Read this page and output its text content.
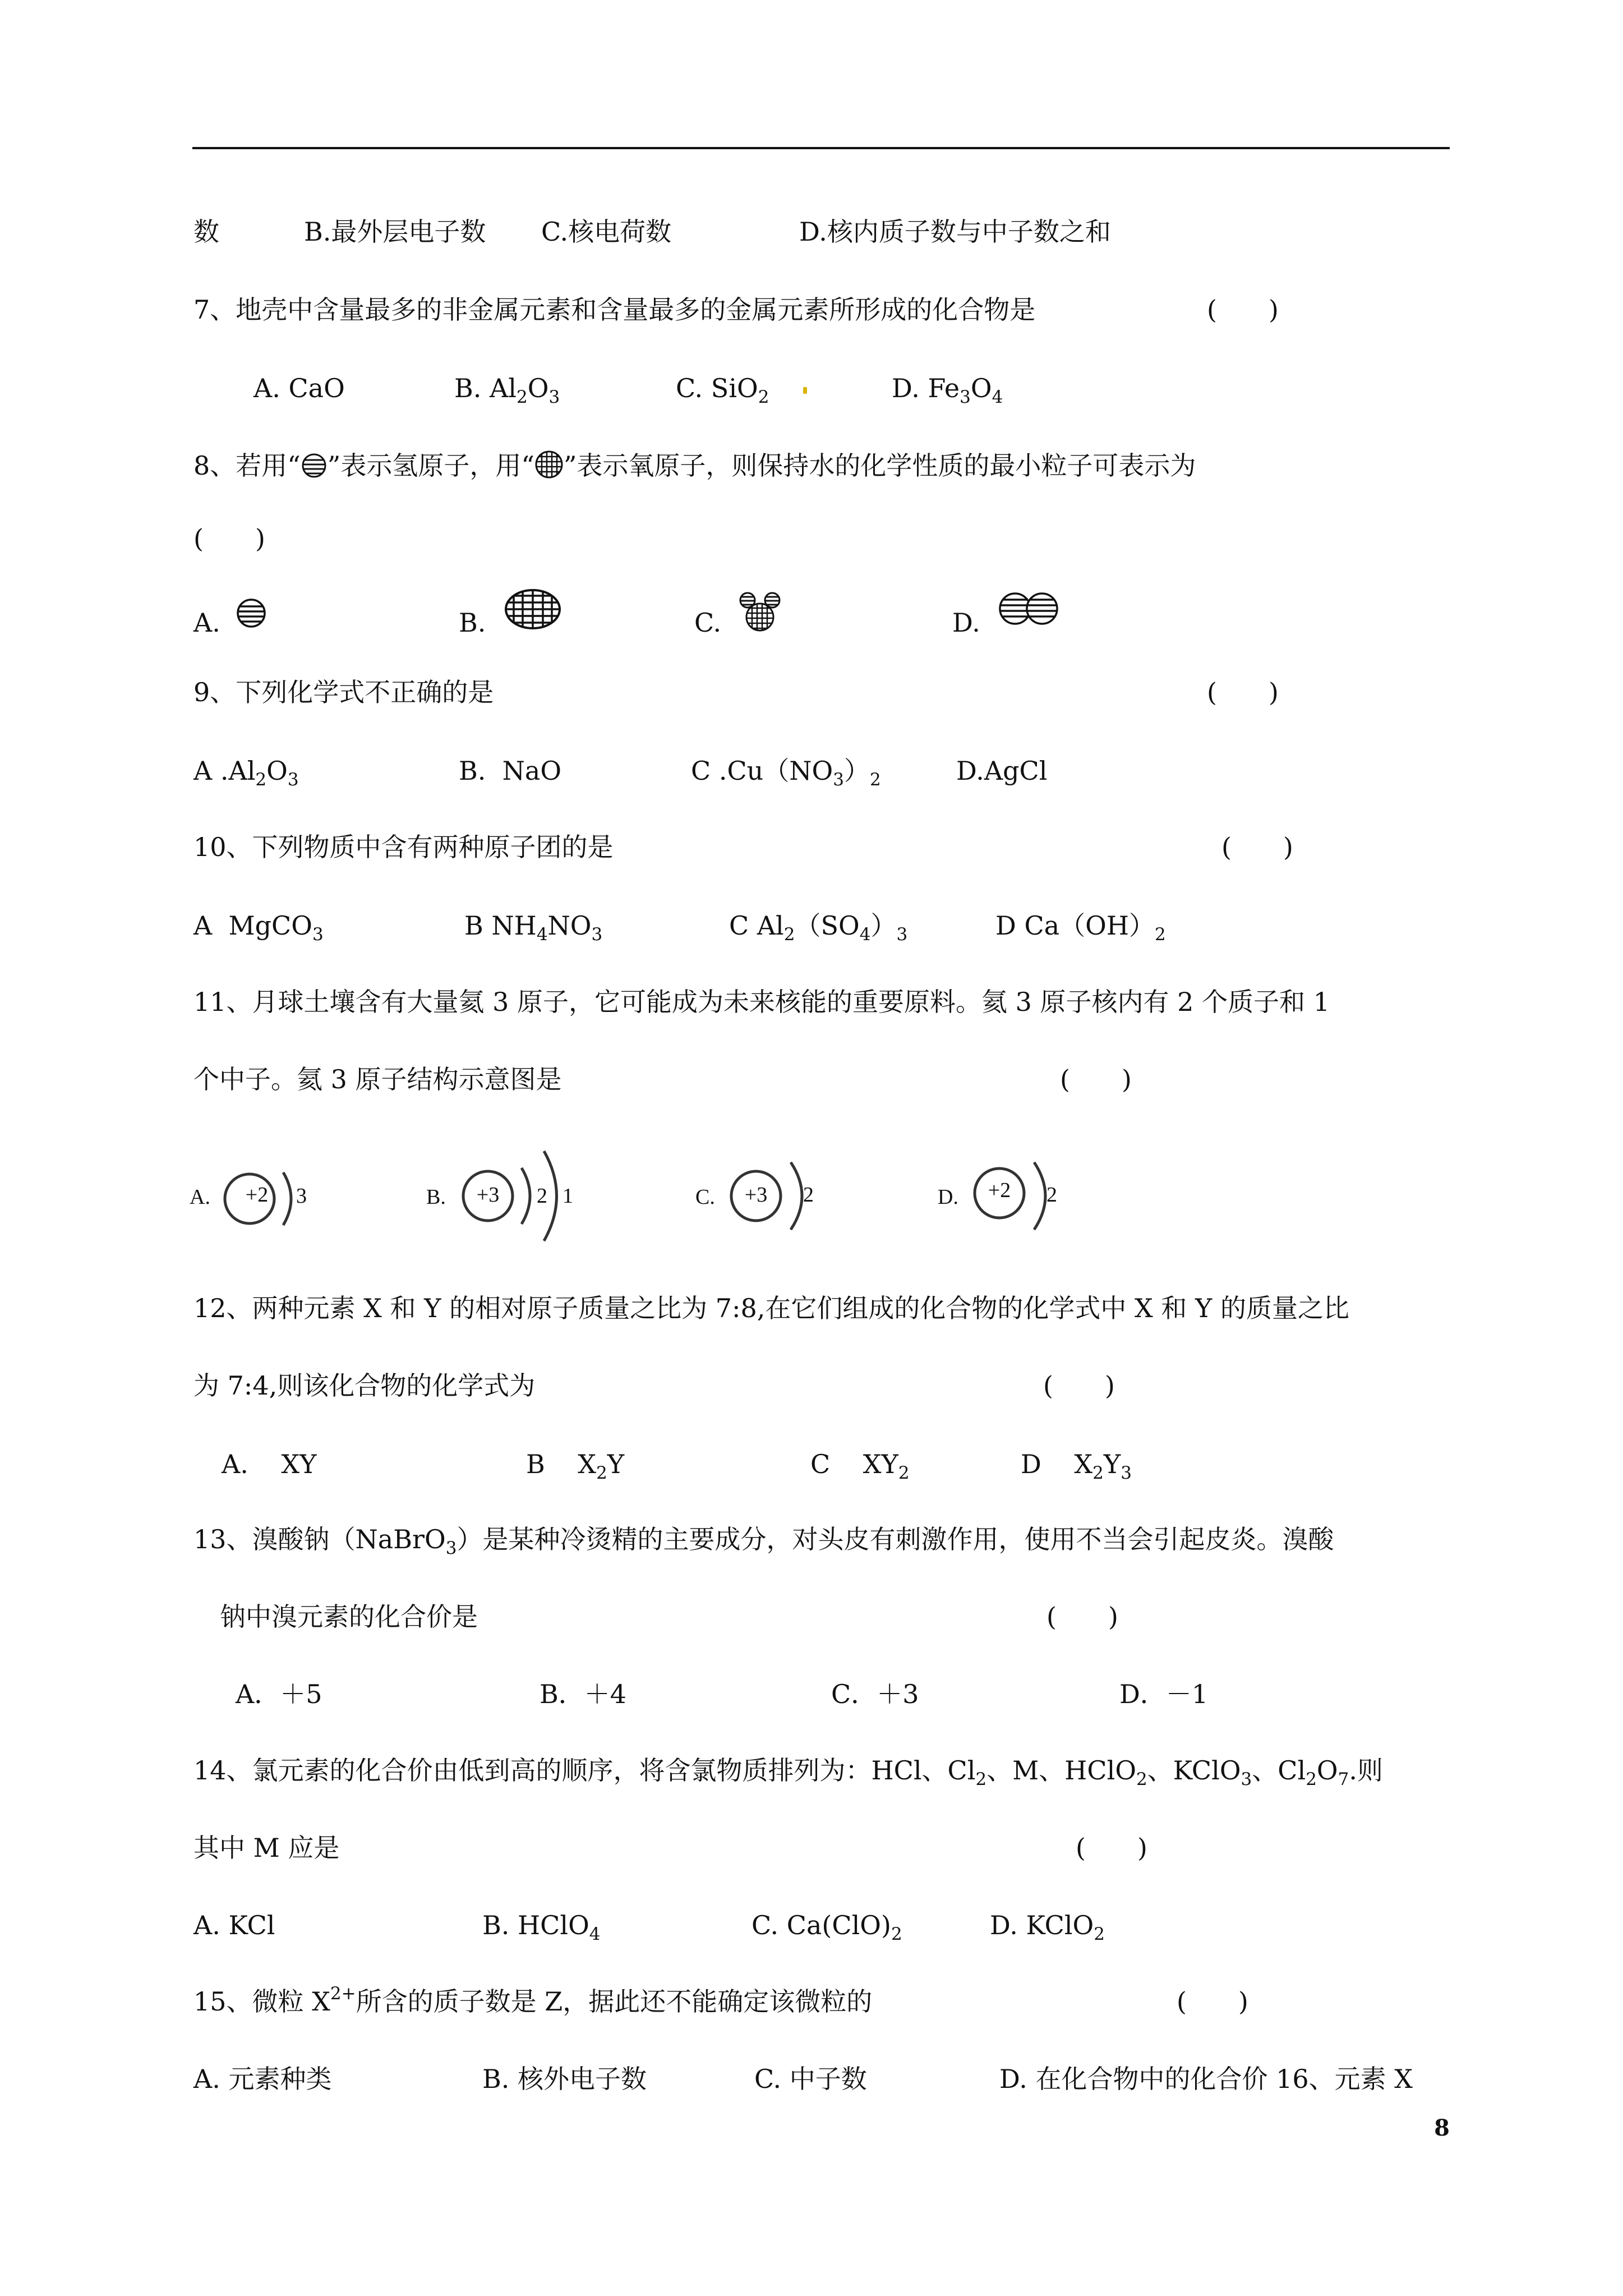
数	B.最外层电子数 C.核电荷数	D.核内质子数与中子数之和
7、地壳中含量最多的非金属元素和含量最多的金属元素所形成的化合物是	(　　)
A. CaO	B. $Al_2O_3$	C. SiO$_2$	D. $Fe_3O_4$
8、若用“ ”表示氢原子，用“ ”表示氧原子，则保持水的化学性质的最小粒子可表示为
(　　)
A.	B.	C.	D.
9、下列化学式不正确的是	(　　)
A $.Al_2O_3$	B.  NaO	C $.Cu(NO_3)_2$	D.AgCl
10、下列物质中含有两种原子团的是	(　　)
A  MgCO$_3$	B $NH_4NO_3$	C $Al_2(SO_4)_3$	D $Ca(OH)_2$
11、月球土壤含有大量氦 3 原子，它可能成为未来核能的重要原料。氦 3 原子核内有 2 个质子和 1
个中子。氦 3 原子结构示意图是	(　　)
A. +2 3	B. +3 2 1	C. +3 2	D. +2 2
12、两种元素 X 和 Y 的相对原子质量之比为 7:8,在它们组成的化合物的化学式中 X 和 Y 的质量之比
为 7:4,则该化合物的化学式为	(　　)
A.    XY	B    $X_2Y$	C    $XY_2$	D    $X_2Y_3$
13、溴酸钠（NaBrO$_3$）是某种冷烫精的主要成分，对头皮有刺激作用，使用不当会引起皮炎。溴酸
钠中溴元素的化合价是	(　　)
A．＋5	B．＋4	C．＋3	D．－1
14、氯元素的化合价由低到高的顺序，将含氯物质排列为：HCl、$Cl_2$、M、HClO$_2$、KClO$_3$、$Cl_2O_7$.则
其中 M 应是	(　　)
A. KCl	B. HClO$_4$	C. $Ca(ClO)_2$	D. KClO$_2$
15、微粒 $X^{2+}$所含的质子数是 Z，据此还不能确定该微粒的	(　　)
A. 元素种类	B. 核外电子数	C. 中子数	D. 在化合物中的化合价 16、元素 X
8
